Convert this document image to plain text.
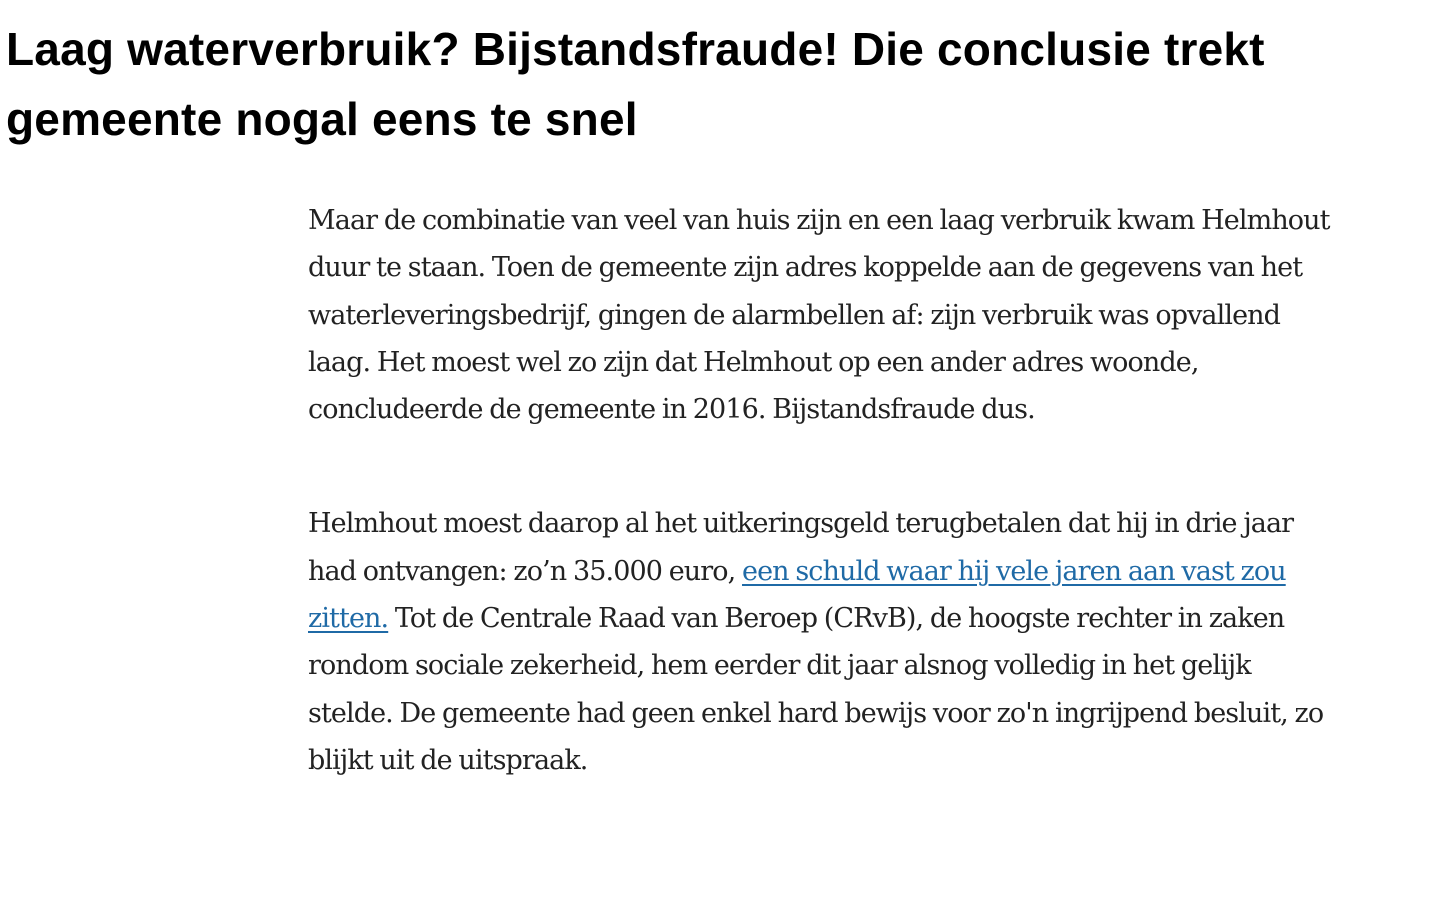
Laag waterverbruik? Bijstandsfraude! Die conclusie trekt gemeente nogal eens te snel

Maar de combinatie van veel van huis zijn en een laag verbruik kwam Helmhout duur te staan. Toen de gemeente zijn adres koppelde aan de gegevens van het waterleveringsbedrijf, gingen de alarmbellen af: zijn verbruik was opvallend laag. Het moest wel zo zijn dat Helmhout op een ander adres woonde, concludeerde de gemeente in 2016. Bijstandsfraude dus.

Helmhout moest daarop al het uitkeringsgeld terugbetalen dat hij in drie jaar had ontvangen: zo’n 35.000 euro, een schuld waar hij vele jaren aan vast zou zitten. Tot de Centrale Raad van Beroep (CRvB), de hoogste rechter in zaken rondom sociale zekerheid, hem eerder dit jaar alsnog volledig in het gelijk stelde. De gemeente had geen enkel hard bewijs voor zo'n ingrijpend besluit, zo blijkt uit de uitspraak.
